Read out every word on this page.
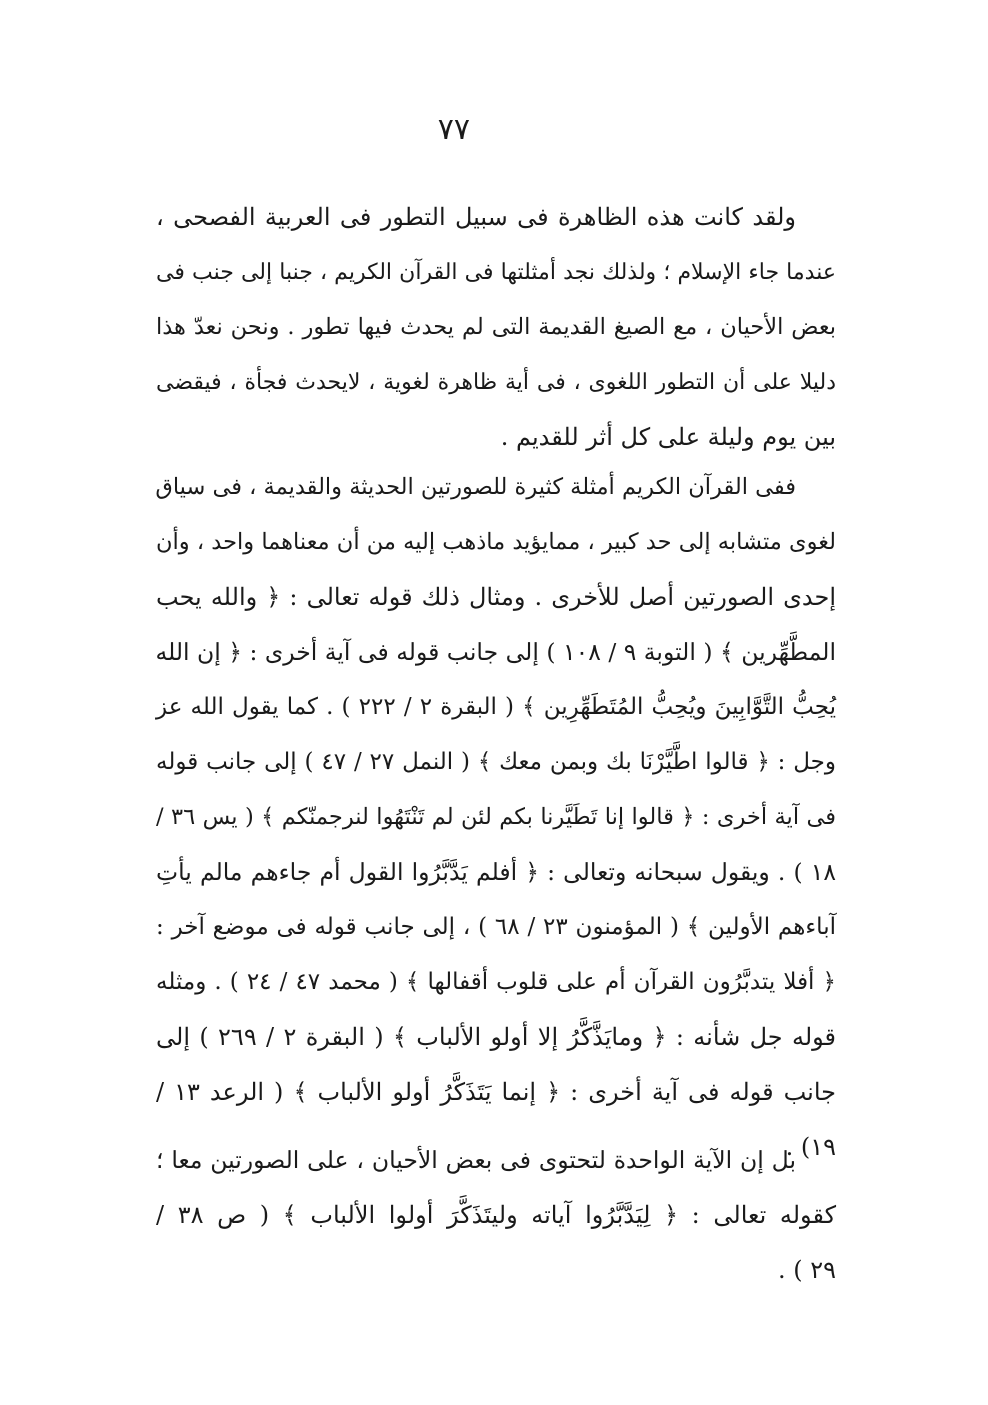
٧٧
ولقد كانت هذه الظاهرة فى سبيل التطور فى العربية الفصحى ،
عندما جاء الإسلام ؛ ولذلك نجد أمثلتها فى القرآن الكريم ، جنبا إلى جنب فى
بعض الأحيان ، مع الصيغ القديمة التى لم يحدث فيها تطور . ونحن نعدّ هذا
دليلا على أن التطور اللغوى ، فى أية ظاهرة لغوية ، لايحدث فجأة ، فيقضى
بين يوم وليلة على كل أثر للقديم .
ففى القرآن الكريم أمثلة كثيرة للصورتين الحديثة والقديمة ، فى سياق
لغوى متشابه إلى حد كبير ، ممايؤيد ماذهب إليه من أن معناهما واحد ، وأن
إحدى الصورتين أصل للأخرى . ومثال ذلك قوله تعالى : ﴿ والله يحب
المطَّهِّرين ﴾ ( التوبة ٩ / ١٠٨ ) إلى جانب قوله فى آية أخرى : ﴿ إن الله
يُحِبُّ التَّوَّابِينَ ويُحِبُّ المُتَطَهِّرِين ﴾ ( البقرة ٢ / ٢٢٢ ) . كما يقول الله عز
وجل : ﴿ قالوا اطَّيَّرْنَا بك وبمن معك ﴾ ( النمل ٢٧ / ٤٧ ) إلى جانب قوله
فى آية أخرى : ﴿ قالوا إنا تَطَيَّرنا بكم لئن لم تَنْتَهُوا لنرجمنّكم ﴾ ( يس ٣٦ /
١٨ ) . ويقول سبحانه وتعالى : ﴿ أفلم يَدَّبَّرُوا القول أم جاءهم مالم يأتِ
آباءهم الأولين ﴾ ( المؤمنون ٢٣ / ٦٨ ) ، إلى جانب قوله فى موضع آخر :
﴿ أفلا يتدبَّرُون القرآن أم على قلوب أقفالها ﴾ ( محمد ٤٧ / ٢٤ ) . ومثله
قوله جل شأنه : ﴿ ومايَذَّكَّرُ إلا أولو الألباب ﴾ ( البقرة ٢ / ٢٦٩ ) إلى
جانب قوله فى آية أخرى : ﴿ إنما يَتَذَكَّرُ أولو الألباب ﴾ ( الرعد ١٣ /
١٩) .
بل إن الآية الواحدة لتحتوى فى بعض الأحيان ، على الصورتين معا ؛
كقوله تعالى : ﴿ لِيَدَّبَّرُوا آياته وليتَذَكَّرَ أولوا الألباب ﴾ ( ص ٣٨ /
٢٩ ) .
